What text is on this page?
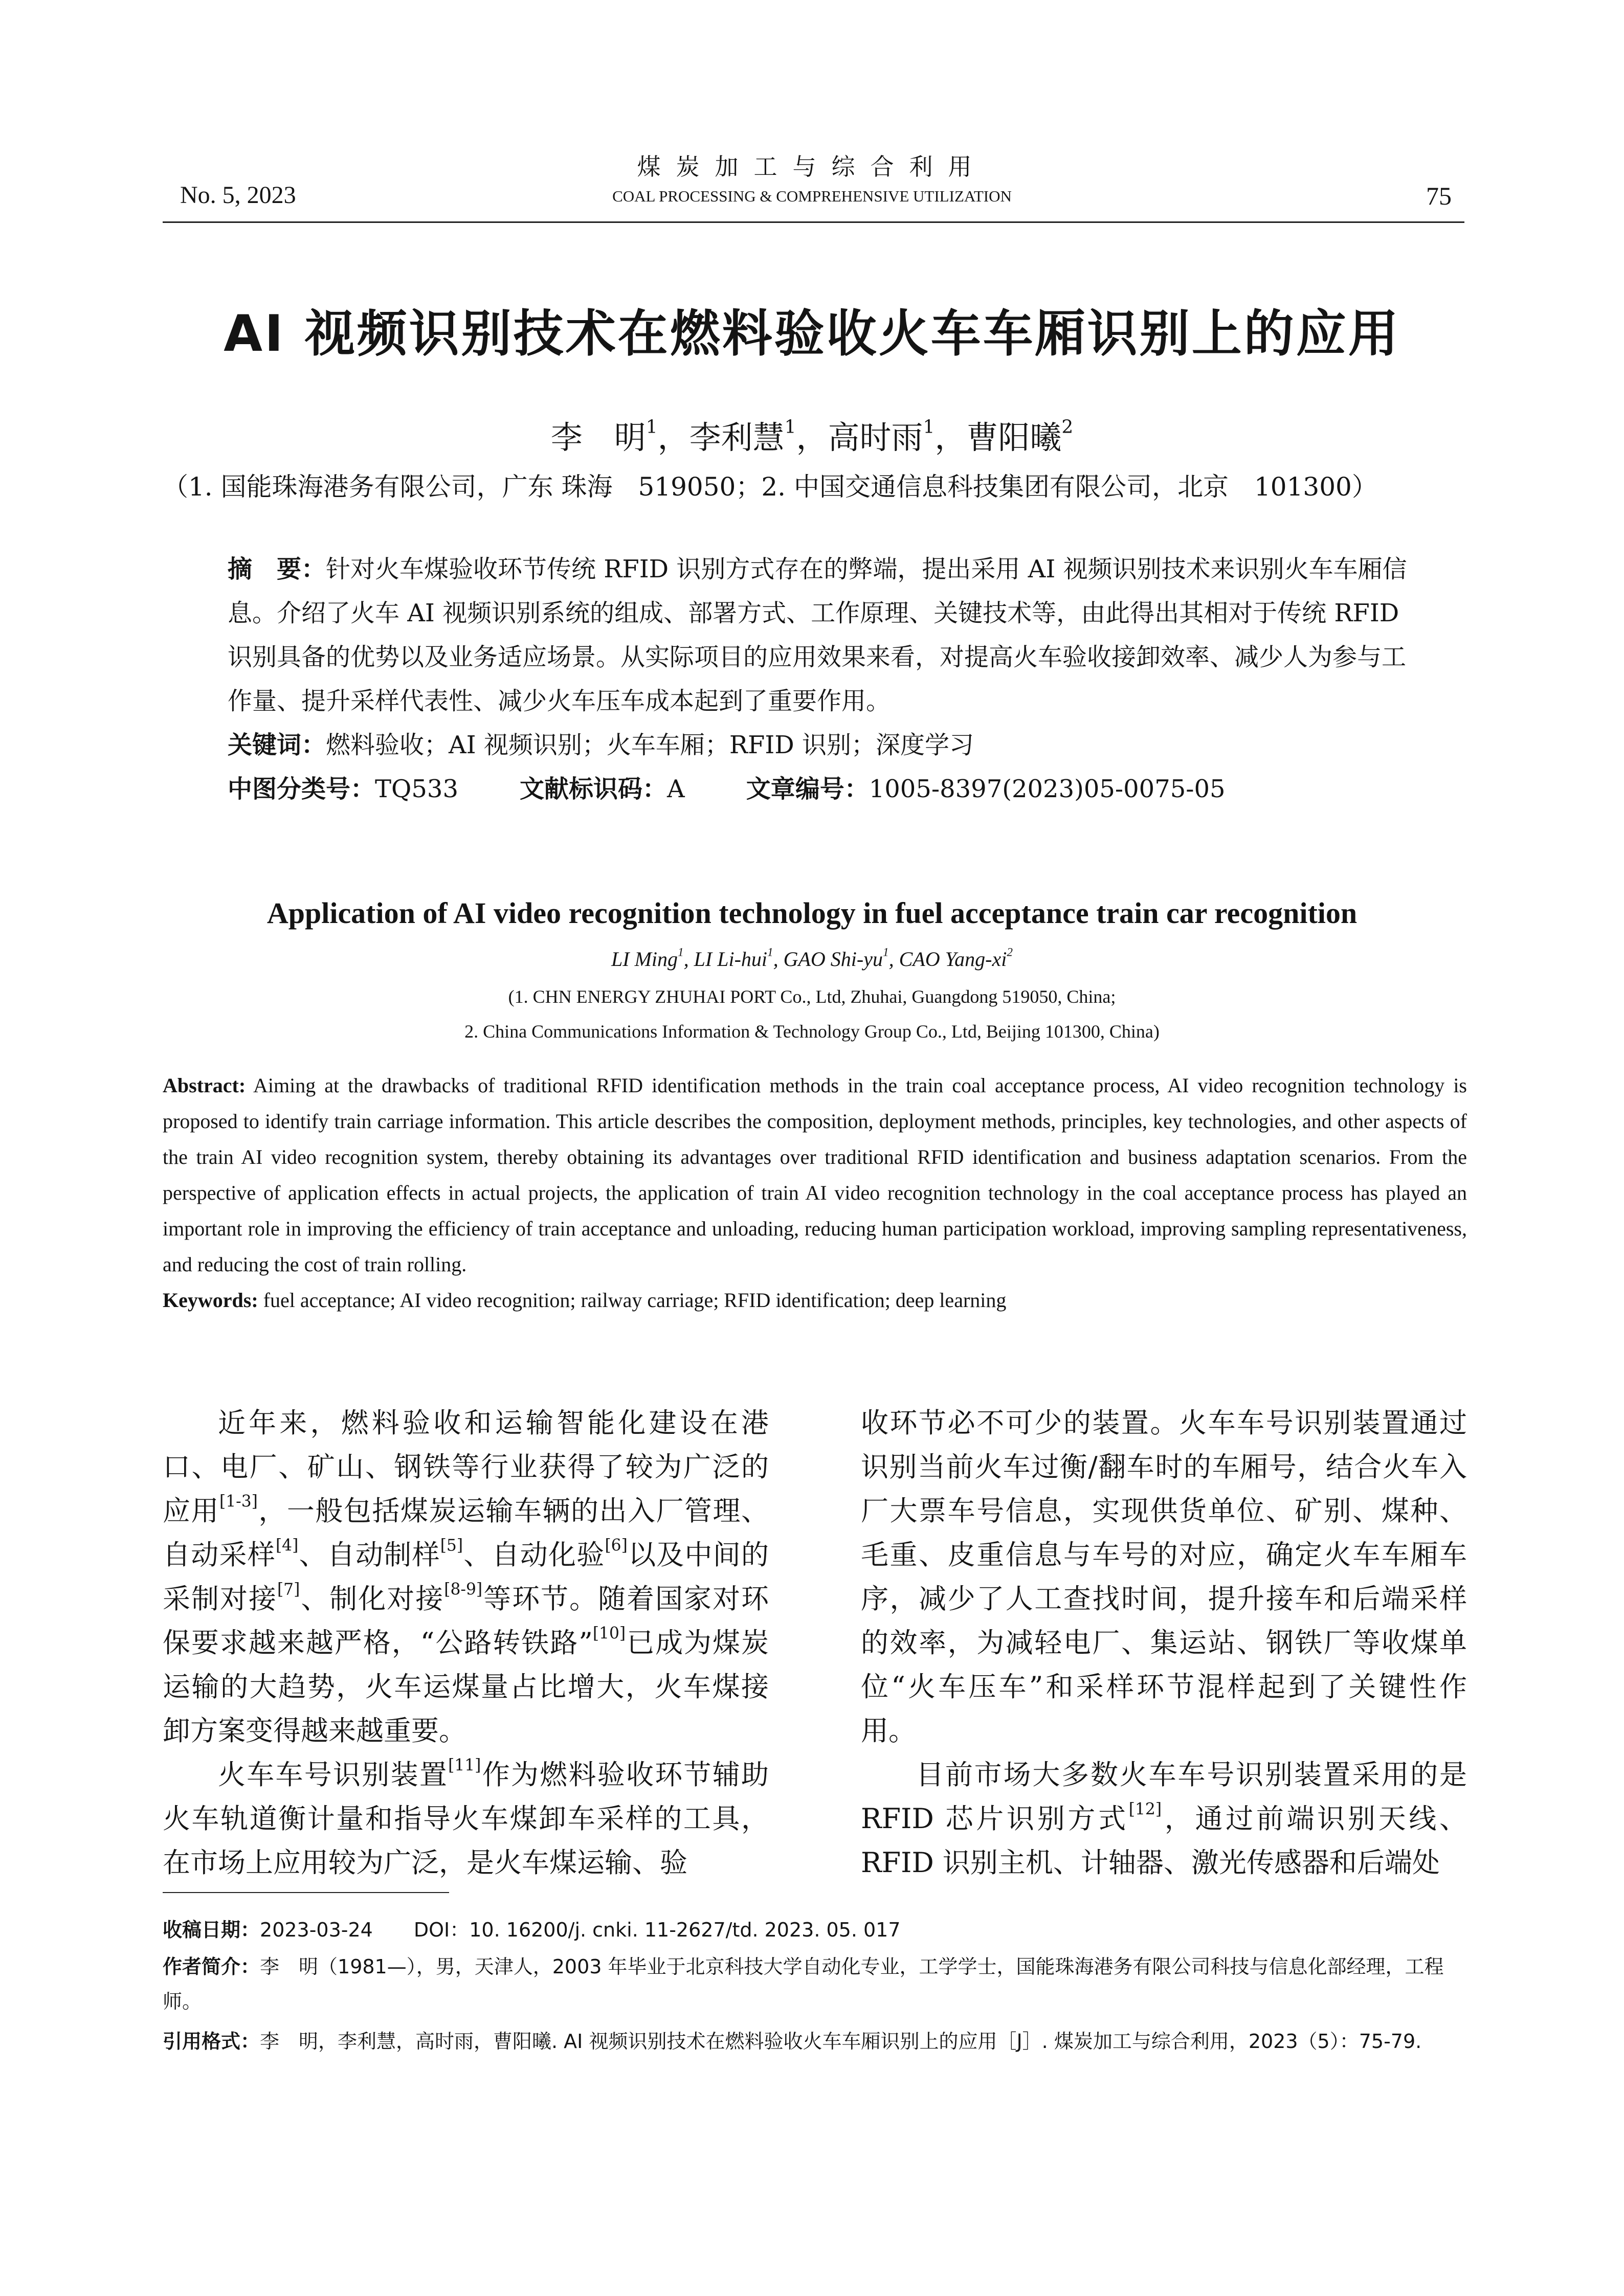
No. 5, 2023
煤炭加工与综合利用
COAL PROCESSING & COMPREHENSIVE UTILIZATION	75
AI 视频识别技术在燃料验收火车车厢识别上的应用
李　明$^1$，李利慧$^1$，高时雨$^1$，曹阳曦$^2$
（1. 国能珠海港务有限公司，广东 珠海　519050；2. 中国交通信息科技集团有限公司，北京　101300）

摘　要：针对火车煤验收环节传统 RFID 识别方式存在的弊端，提出采用 AI 视频识别技术来识别火车车厢信息。介绍了火车 AI 视频识别系统的组成、部署方式、工作原理、关键技术等，由此得出其相对于传统 RFID 识别具备的优势以及业务适应场景。从实际项目的应用效果来看，对提高火车验收接卸效率、减少人为参与工作量、提升采样代表性、减少火车压车成本起到了重要作用。

关键词：燃料验收；AI 视频识别；火车车厢；RFID 识别；深度学习

中图分类号：TQ533	文献标识码：A	文章编号：1005-8397(2023)05-0075-05

Application of AI video recognition technology in fuel acceptance train car recognition
LI Ming$^1$, LI Li-hui$^1$, GAO Shi-$yu^1$, CAO Yang-$xi^2$
(1. CHN ENERGY ZHUHAI PORT Co., Ltd, Zhuhai, Guangdong 519050, China;
2. China Communications Information & Technology Group Co., Ltd, Beijing 101300, China)
Abstract: Aiming at the drawbacks of traditional RFID identification methods in the train coal acceptance process, AI video recognition technology is proposed to identify train carriage information. This article describes the composition, deployment methods, principles, key technologies, and other aspects of the train AI video recognition system, thereby obtaining its advantages over traditional RFID identification and business adaptation scenarios. From the perspective of application effects in actual projects, the application of train AI video recognition technology in the coal acceptance process has played an important role in improving the efficiency of train acceptance and unloading, reducing human participation workload, improving sampling representativeness, and reducing the cost of train rolling.
Keywords: fuel acceptance; AI video recognition; railway carriage; RFID identification; deep learning

近年来，燃料验收和运输智能化建设在港口、电厂、矿山、钢铁等行业获得了较为广泛的应用[1-3]，一般包括煤炭运输车辆的出入厂管理、自动采样[4]、自动制样[5]、自动化验[6]以及中间的采制对接[7]、制化对接[8-9]等环节。随着国家对环保要求越来越严格，“公路转铁路”[10]已成为煤炭运输的大趋势，火车运煤量占比增大，火车煤接卸方案变得越来越重要。

火车车号识别装置[11]作为燃料验收环节辅助火车轨道衡计量和指导火车煤卸车采样的工具，在市场上应用较为广泛，是火车煤运输、验

收环节必不可少的装置。火车车号识别装置通过识别当前火车过衡/翻车时的车厢号，结合火车入厂大票车号信息，实现供货单位、矿别、煤种、毛重、皮重信息与车号的对应，确定火车车厢车序，减少了人工查找时间，提升接车和后端采样的效率，为减轻电厂、集运站、钢铁厂等收煤单位“火车压车”和采样环节混样起到了关键性作用。

目前市场大多数火车车号识别装置采用的是 RFID 芯片识别方式[12]，通过前端识别天线、RFID 识别主机、计轴器、激光传感器和后端处

收稿日期：2023-03-24 DOI：10. 16200/j. cnki. 11-2627/td. 2023. 05. 017
作者简介：李　明（1981—），男，天津人，2003 年毕业于北京科技大学自动化专业，工学学士，国能珠海港务有限公司科技与信息化部经理，工程师。
引用格式：李　明，李利慧，高时雨，曹阳曦. AI 视频识别技术在燃料验收火车车厢识别上的应用［J］. 煤炭加工与综合利用，2023（5）：75-79.
